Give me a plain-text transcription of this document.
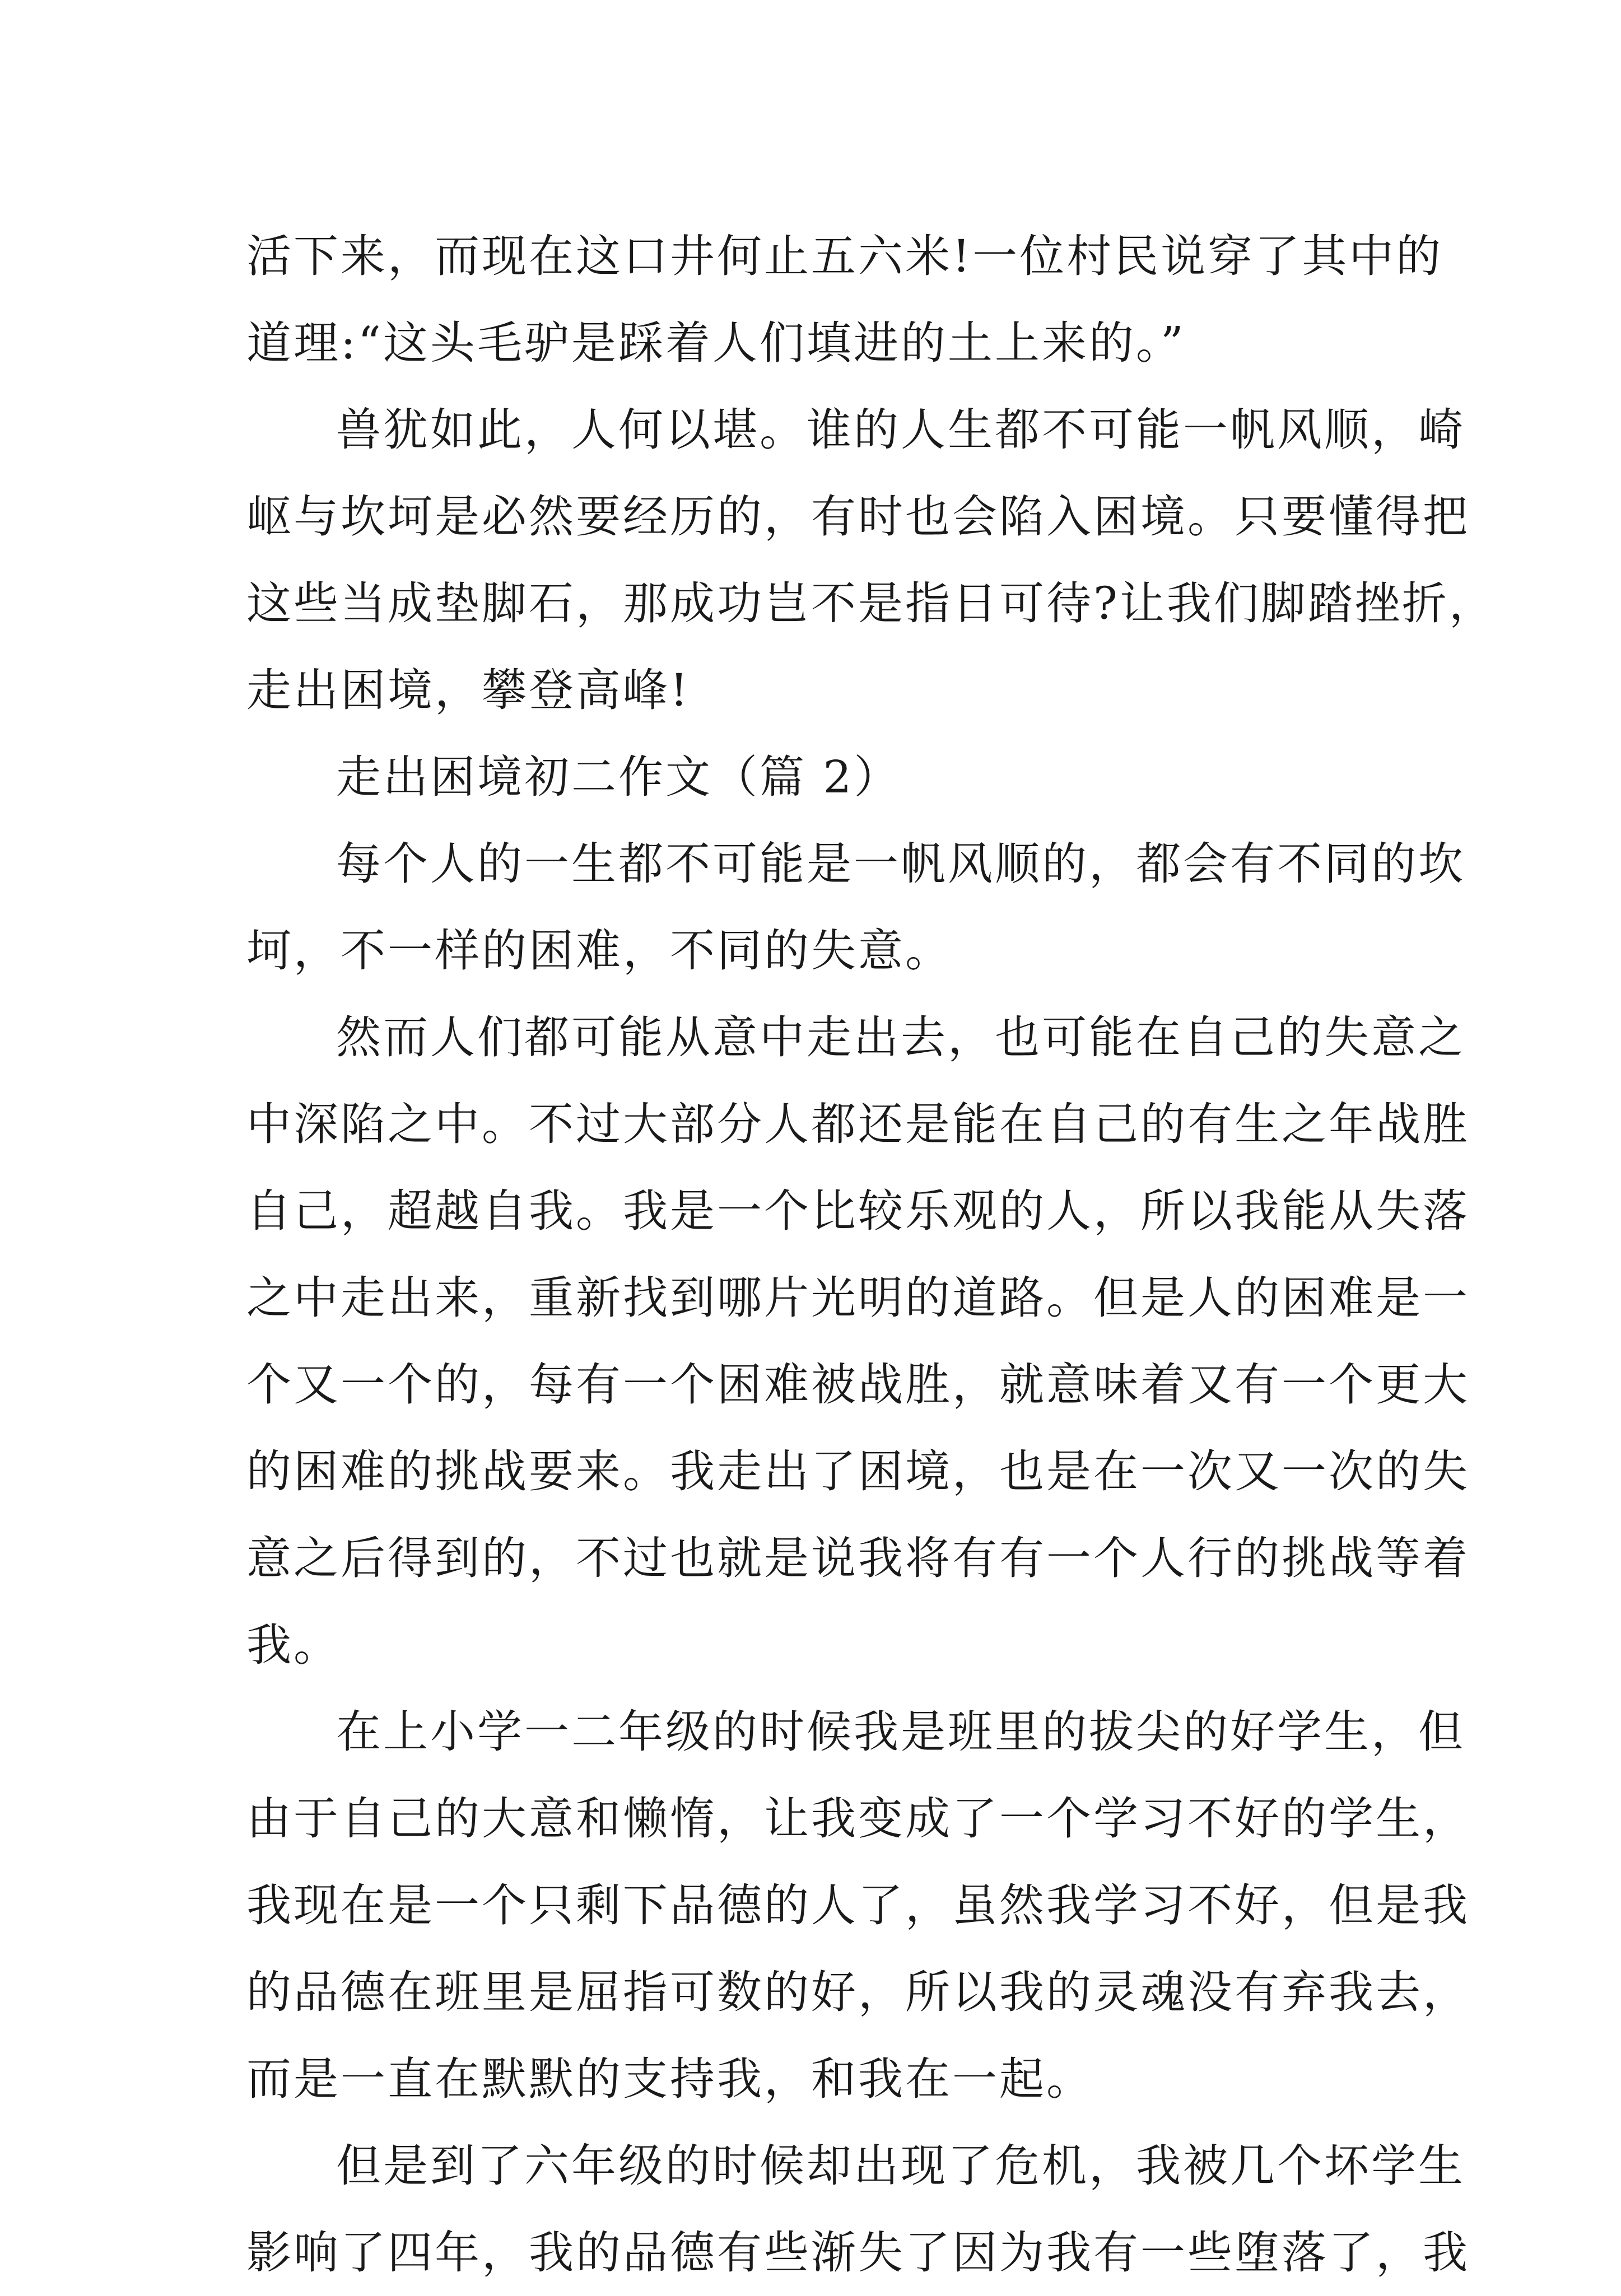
活下来，而现在这口井何止五六米!一位村民说穿了其中的
道理:“这头毛驴是踩着人们填进的土上来的。”
兽犹如此，人何以堪。谁的人生都不可能一帆风顺，崎
岖与坎坷是必然要经历的，有时也会陷入困境。只要懂得把
这些当成垫脚石，那成功岂不是指日可待?让我们脚踏挫折，
走出困境，攀登高峰!
走出困境初二作文（篇 2）
每个人的一生都不可能是一帆风顺的，都会有不同的坎
坷，不一样的困难，不同的失意。
然而人们都可能从意中走出去，也可能在自己的失意之
中深陷之中。不过大部分人都还是能在自己的有生之年战胜
自己，超越自我。我是一个比较乐观的人，所以我能从失落
之中走出来，重新找到哪片光明的道路。但是人的困难是一
个又一个的，每有一个困难被战胜，就意味着又有一个更大
的困难的挑战要来。我走出了困境，也是在一次又一次的失
意之后得到的，不过也就是说我将有有一个人行的挑战等着
我。
在上小学一二年级的时候我是班里的拔尖的好学生，但
由于自己的大意和懒惰，让我变成了一个学习不好的学生，
我现在是一个只剩下品德的人了，虽然我学习不好，但是我
的品德在班里是屈指可数的好，所以我的灵魂没有弃我去，
而是一直在默默的支持我，和我在一起。
但是到了六年级的时候却出现了危机，我被几个坏学生
影响了四年，我的品德有些渐失了因为我有一些堕落了，我
